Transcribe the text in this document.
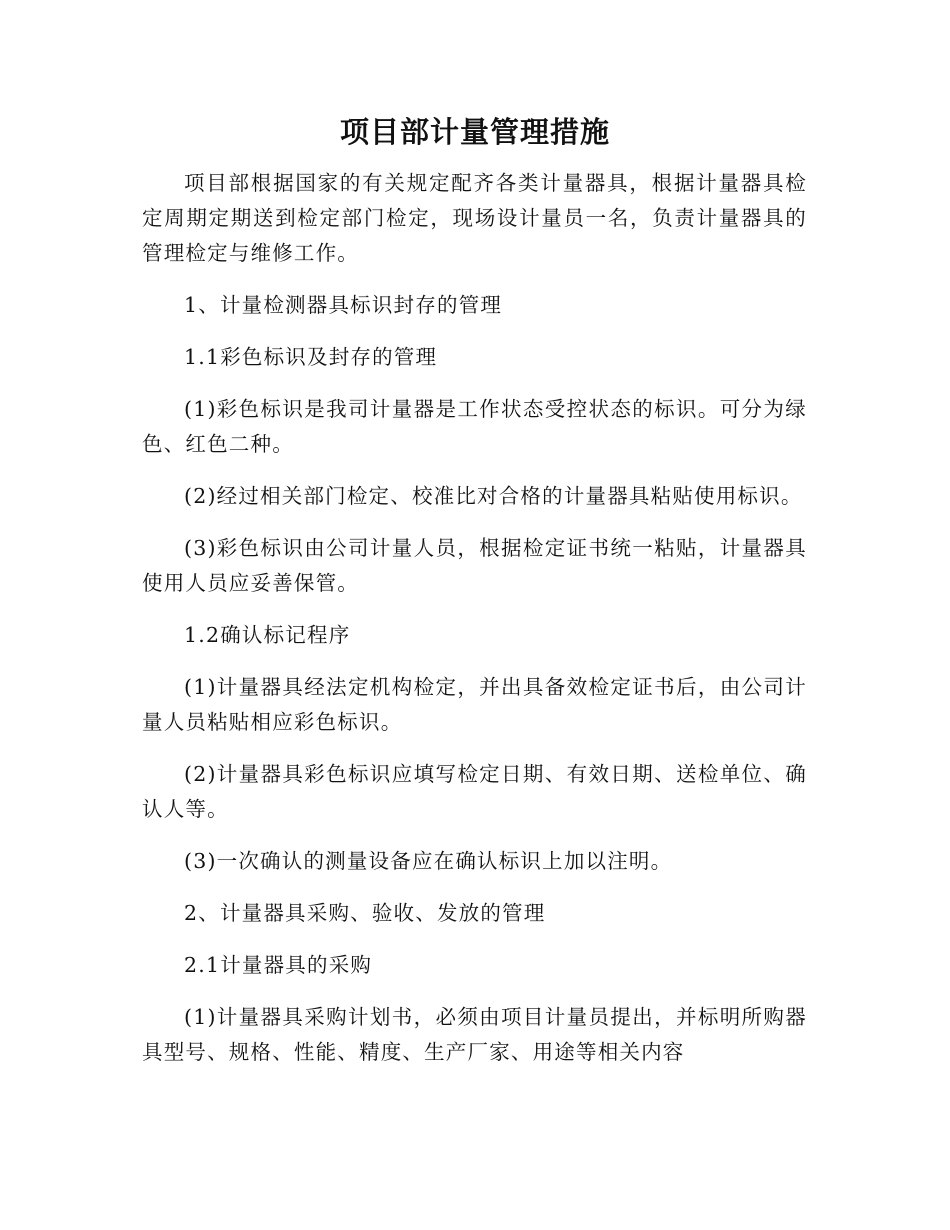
项目部计量管理措施

项目部根据国家的有关规定配齐各类计量器具，根据计量器具检定周期定期送到检定部门检定，现场设计量员一名，负责计量器具的管理检定与维修工作。

1、计量检测器具标识封存的管理

1.1彩色标识及封存的管理

(1)彩色标识是我司计量器是工作状态受控状态的标识。可分为绿色、红色二种。

(2)经过相关部门检定、校准比对合格的计量器具粘贴使用标识。

(3)彩色标识由公司计量人员，根据检定证书统一粘贴，计量器具使用人员应妥善保管。

1.2确认标记程序

(1)计量器具经法定机构检定，并出具备效检定证书后，由公司计量人员粘贴相应彩色标识。

(2)计量器具彩色标识应填写检定日期、有效日期、送检单位、确认人等。

(3)一次确认的测量设备应在确认标识上加以注明。

2、计量器具采购、验收、发放的管理

2.1计量器具的采购

(1)计量器具采购计划书，必须由项目计量员提出，并标明所购器具型号、规格、性能、精度、生产厂家、用途等相关内容
